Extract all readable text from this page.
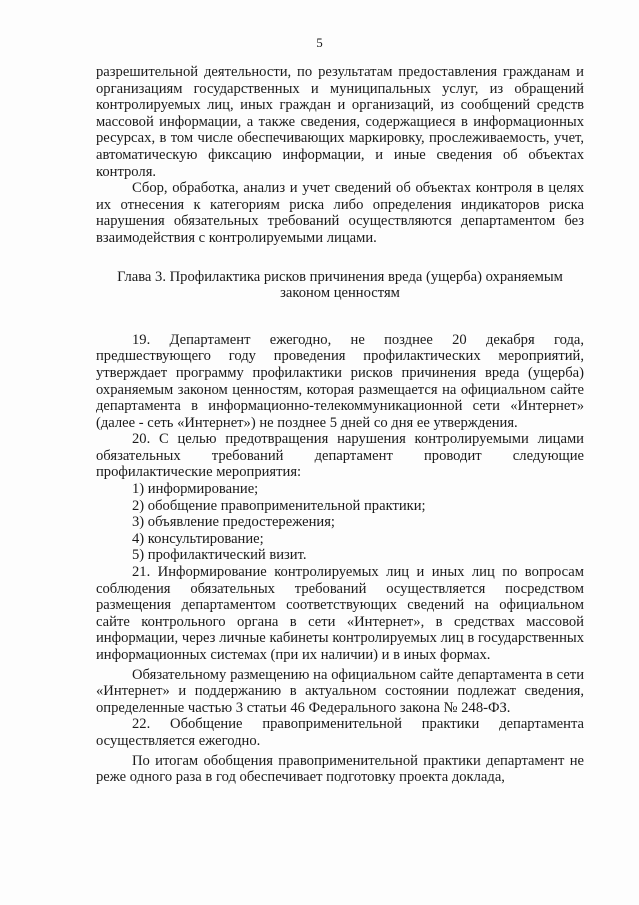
5

разрешительной деятельности, по результатам предоставления гражданам и организациям государственных и муниципальных услуг, из обращений контролируемых лиц, иных граждан и организаций, из сообщений средств массовой информации, а также сведения, содержащиеся в информационных ресурсах, в том числе обеспечивающих маркировку, прослеживаемость, учет, автоматическую фиксацию информации, и иные сведения об объектах контроля.

Сбор, обработка, анализ и учет сведений об объектах контроля в целях их отнесения к категориям риска либо определения индикаторов риска нарушения обязательных требований осуществляются департаментом без взаимодействия с контролируемыми лицами.

Глава 3. Профилактика рисков причинения вреда (ущерба) охраняемым законом ценностям

19. Департамент ежегодно, не позднее 20 декабря года, предшествующего году проведения профилактических мероприятий, утверждает программу профилактики рисков причинения вреда (ущерба) охраняемым законом ценностям, которая размещается на официальном сайте департамента в информационно-телекоммуникационной сети «Интернет» (далее - сеть «Интернет») не позднее 5 дней со дня ее утверждения.

20. С целью предотвращения нарушения контролируемыми лицами обязательных требований департамент проводит следующие профилактические мероприятия:

1) информирование;

2) обобщение правоприменительной практики;

3) объявление предостережения;

4) консультирование;

5) профилактический визит.

21. Информирование контролируемых лиц и иных лиц по вопросам соблюдения обязательных требований осуществляется посредством размещения департаментом соответствующих сведений на официальном сайте контрольного органа в сети «Интернет», в средствах массовой информации, через личные кабинеты контролируемых лиц в государственных информационных системах (при их наличии) и в иных формах.

Обязательному размещению на официальном сайте департамента в сети «Интернет» и поддержанию в актуальном состоянии подлежат сведения, определенные частью 3 статьи 46 Федерального закона № 248-ФЗ.

22. Обобщение правоприменительной практики департамента осуществляется ежегодно.

По итогам обобщения правоприменительной практики департамент не реже одного раза в год обеспечивает подготовку проекта доклада,
